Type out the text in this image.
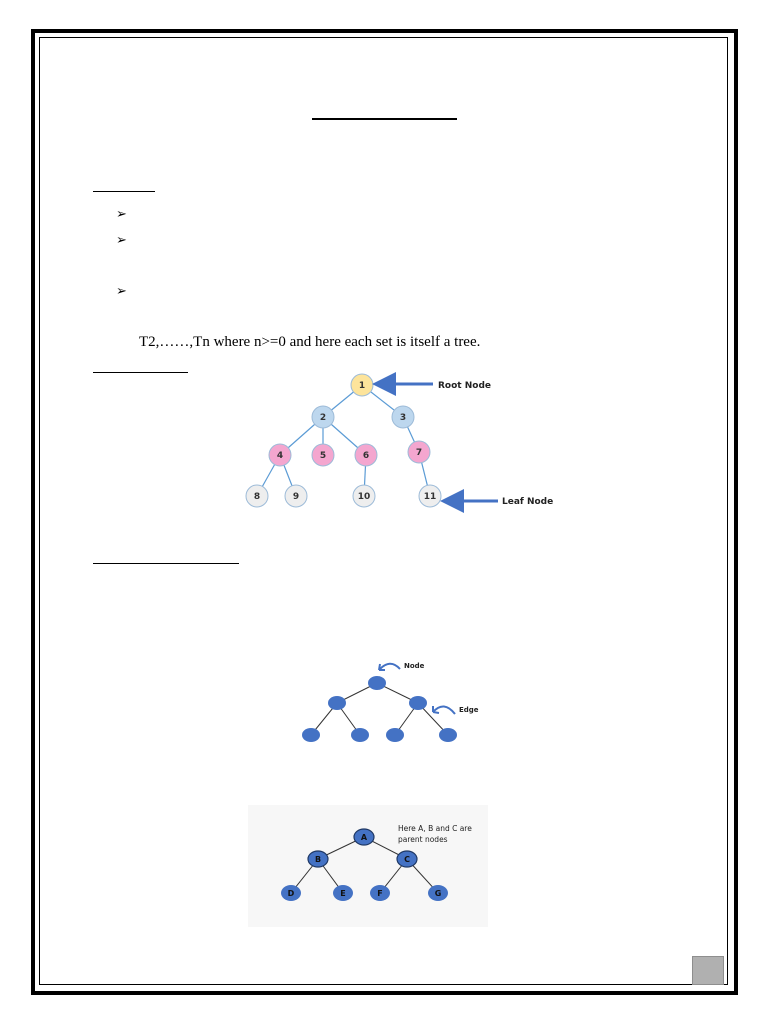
➢
➢
➢
T2,……,Tn where n>=0 and here each set is itself a tree.
1
2	3
4	5	6	7
8	9	10	11
Root Node
Leaf Node
Node
Edge
A
B	C
D	E	F	G
Here A, B and C are
parent nodes
